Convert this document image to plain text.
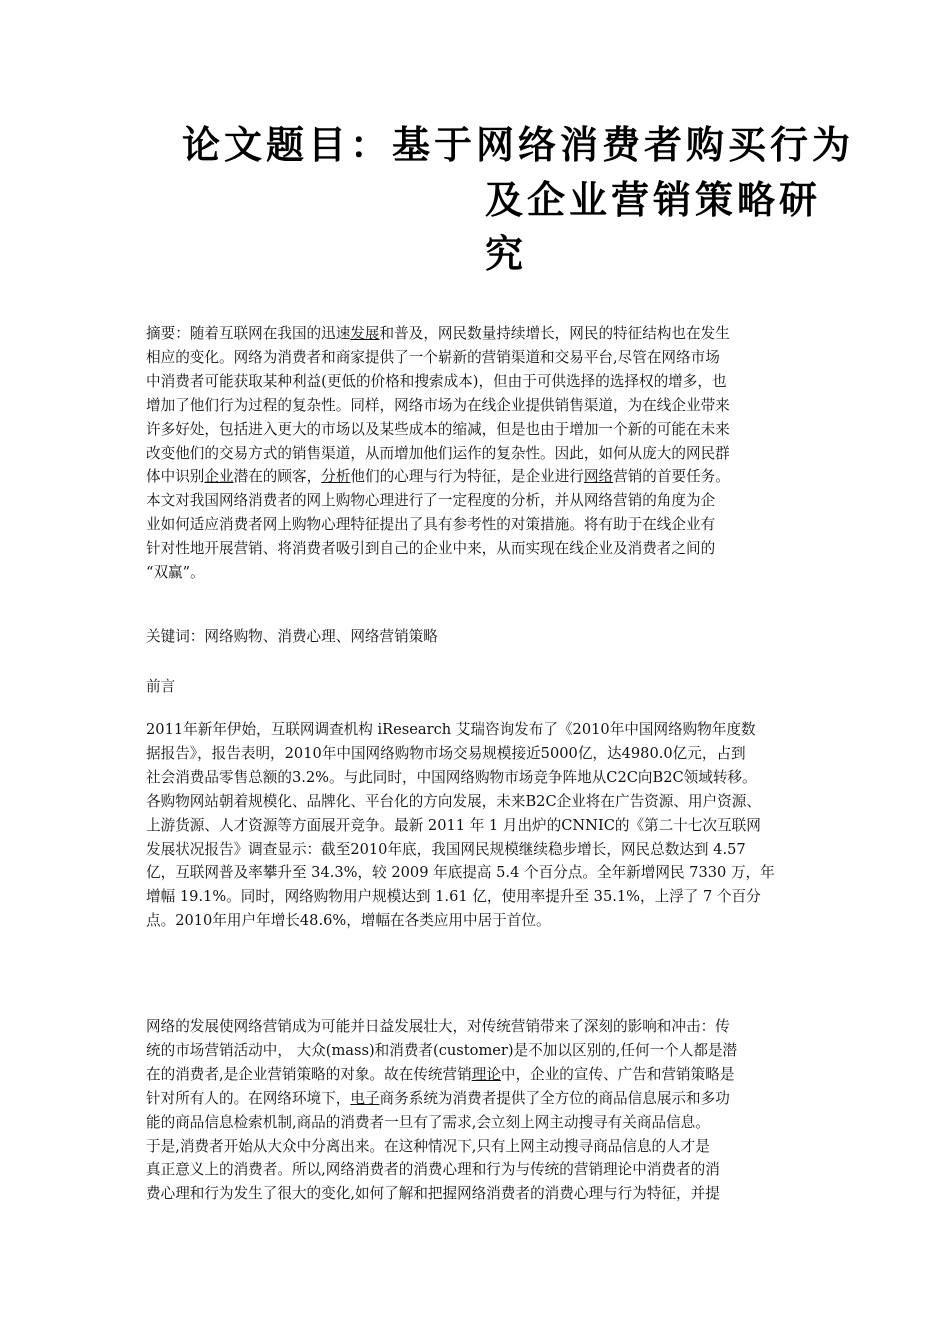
论文题目：基于网络消费者购买行为
及企业营销策略研
究
摘要：随着互联网在我国的迅速发展和普及，网民数量持续增长，网民的特征结构也在发生
相应的变化。网络为消费者和商家提供了一个崭新的营销渠道和交易平台,尽管在网络市场
中消费者可能获取某种利益(更低的价格和搜索成本)，但由于可供选择的选择权的增多，也
增加了他们行为过程的复杂性。同样，网络市场为在线企业提供销售渠道，为在线企业带来
许多好处，包括进入更大的市场以及某些成本的缩减，但是也由于增加一个新的可能在未来
改变他们的交易方式的销售渠道，从而增加他们运作的复杂性。因此，如何从庞大的网民群
体中识别企业潜在的顾客，分析他们的心理与行为特征，是企业进行网络营销的首要任务。
本文对我国网络消费者的网上购物心理进行了一定程度的分析，并从网络营销的角度为企
业如何适应消费者网上购物心理特征提出了具有参考性的对策措施。将有助于在线企业有
针对性地开展营销、将消费者吸引到自己的企业中来，从而实现在线企业及消费者之间的
“双赢”。
关键词：网络购物、消费心理、网络营销策略
前言
2011年新年伊始，互联网调查机构 iResearch 艾瑞咨询发布了《2010年中国网络购物年度数
据报告》，报告表明，2010年中国网络购物市场交易规模接近5000亿，达4980.0亿元，占到
社会消费品零售总额的3.2%。与此同时，中国网络购物市场竞争阵地从C2C向B2C领域转移。
各购物网站朝着规模化、品牌化、平台化的方向发展，未来B2C企业将在广告资源、用户资源、
上游货源、人才资源等方面展开竞争。最新 2011 年 1 月出炉的CNNIC的《第二十七次互联网
发展状况报告》调查显示：截至2010年底，我国网民规模继续稳步增长，网民总数达到 4.57
亿，互联网普及率攀升至 34.3%，较 2009 年底提高 5.4 个百分点。全年新增网民 7330 万，年
增幅 19.1%。同时，网络购物用户规模达到 1.61 亿，使用率提升至 35.1%，上浮了 7 个百分
点。2010年用户年增长48.6%，增幅在各类应用中居于首位。
网络的发展使网络营销成为可能并日益发展壮大，对传统营销带来了深刻的影响和冲击：传
统的市场营销活动中， 大众(mass)和消费者(customer)是不加以区别的,任何一个人都是潜
在的消费者,是企业营销策略的对象。故在传统营销理论中，企业的宣传、广告和营销策略是
针对所有人的。在网络环境下，电子商务系统为消费者提供了全方位的商品信息展示和多功
能的商品信息检索机制,商品的消费者一旦有了需求,会立刻上网主动搜寻有关商品信息。
于是,消费者开始从大众中分离出来。在这种情况下,只有上网主动搜寻商品信息的人才是
真正意义上的消费者。所以,网络消费者的消费心理和行为与传统的营销理论中消费者的消
费心理和行为发生了很大的变化,如何了解和把握网络消费者的消费心理与行为特征，并提
